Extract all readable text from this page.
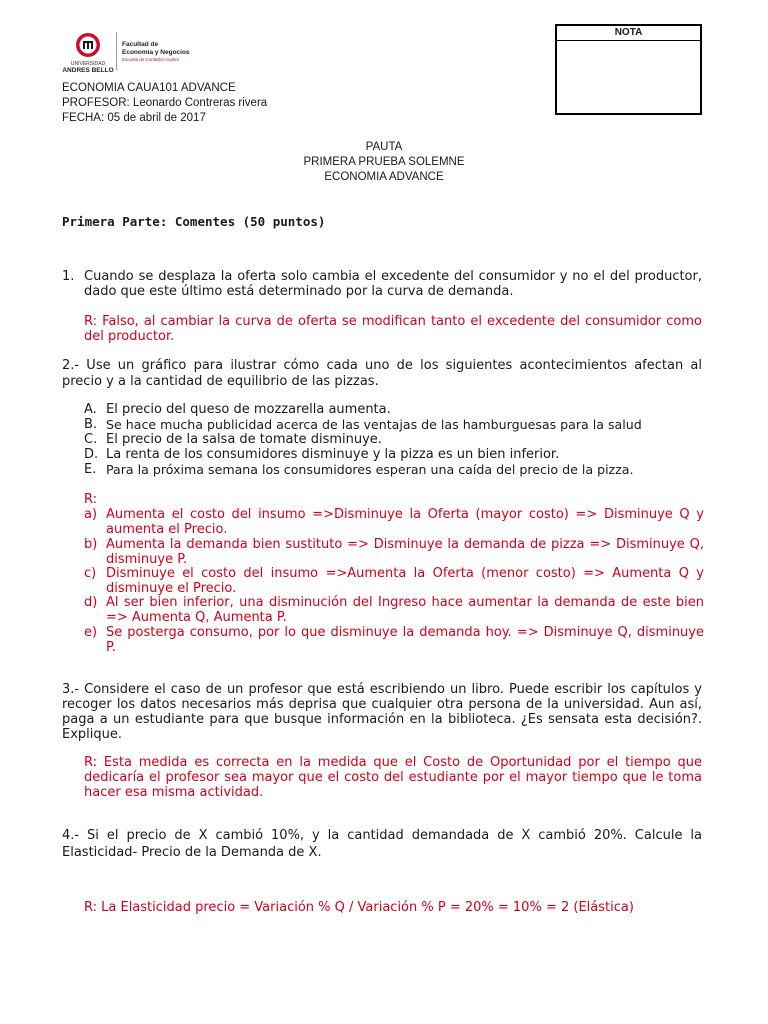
UNIVERSIDAD
ANDRES BELLO
Facultad de
Economía y Negocios
Escuela de Contador Auditor
NOTA
ECONOMIA CAUA101 ADVANCE
PROFESOR: Leonardo Contreras rivera
FECHA: 05 de abril de 2017
PAUTA
PRIMERA PRUEBA SOLEMNE
ECONOMIA ADVANCE
Primera Parte: Comentes (50 puntos)
1. Cuando se desplaza la oferta solo cambia el excedente del consumidor y no el del productor, dado que este último está determinado por la curva de demanda.
R: Falso, al cambiar la curva de oferta se modifican tanto el excedente del consumidor como del productor.
2.- Use un gráfico para ilustrar cómo cada uno de los siguientes acontecimientos afectan al precio y a la cantidad de equilibrio de las pizzas.
A. El precio del queso de mozzarella aumenta.
B. Se hace mucha publicidad acerca de las ventajas de las hamburguesas para la salud
C. El precio de la salsa de tomate disminuye.
D. La renta de los consumidores disminuye y la pizza es un bien inferior.
E. Para la próxima semana los consumidores esperan una caída del precio de la pizza.
R:
a) Aumenta el costo del insumo =>Disminuye la Oferta (mayor costo) => Disminuye Q y aumenta el Precio.
b) Aumenta la demanda bien sustituto => Disminuye la demanda de pizza => Disminuye Q, disminuye P.
c) Disminuye el costo del insumo =>Aumenta la Oferta (menor costo) => Aumenta Q y disminuye el Precio.
d) Al ser bien inferior, una disminución del Ingreso hace aumentar la demanda de este bien => Aumenta Q, Aumenta P.
e) Se posterga consumo, por lo que disminuye la demanda hoy. => Disminuye Q, disminuye P.
3.- Considere el caso de un profesor que está escribiendo un libro. Puede escribir los capítulos y recoger los datos necesarios más deprisa que cualquier otra persona de la universidad. Aun así, paga a un estudiante para que busque información en la biblioteca. ¿Es sensata esta decisión?. Explique.
R: Esta medida es correcta en la medida que el Costo de Oportunidad por el tiempo que dedicaría el profesor sea mayor que el costo del estudiante por el mayor tiempo que le toma hacer esa misma actividad.
4.- Si el precio de X cambió 10%, y la cantidad demandada de X cambió 20%. Calcule la Elasticidad- Precio de la Demanda de X.
R: La Elasticidad precio = Variación % Q / Variación % P = 20% = 10% = 2 (Elástica)
